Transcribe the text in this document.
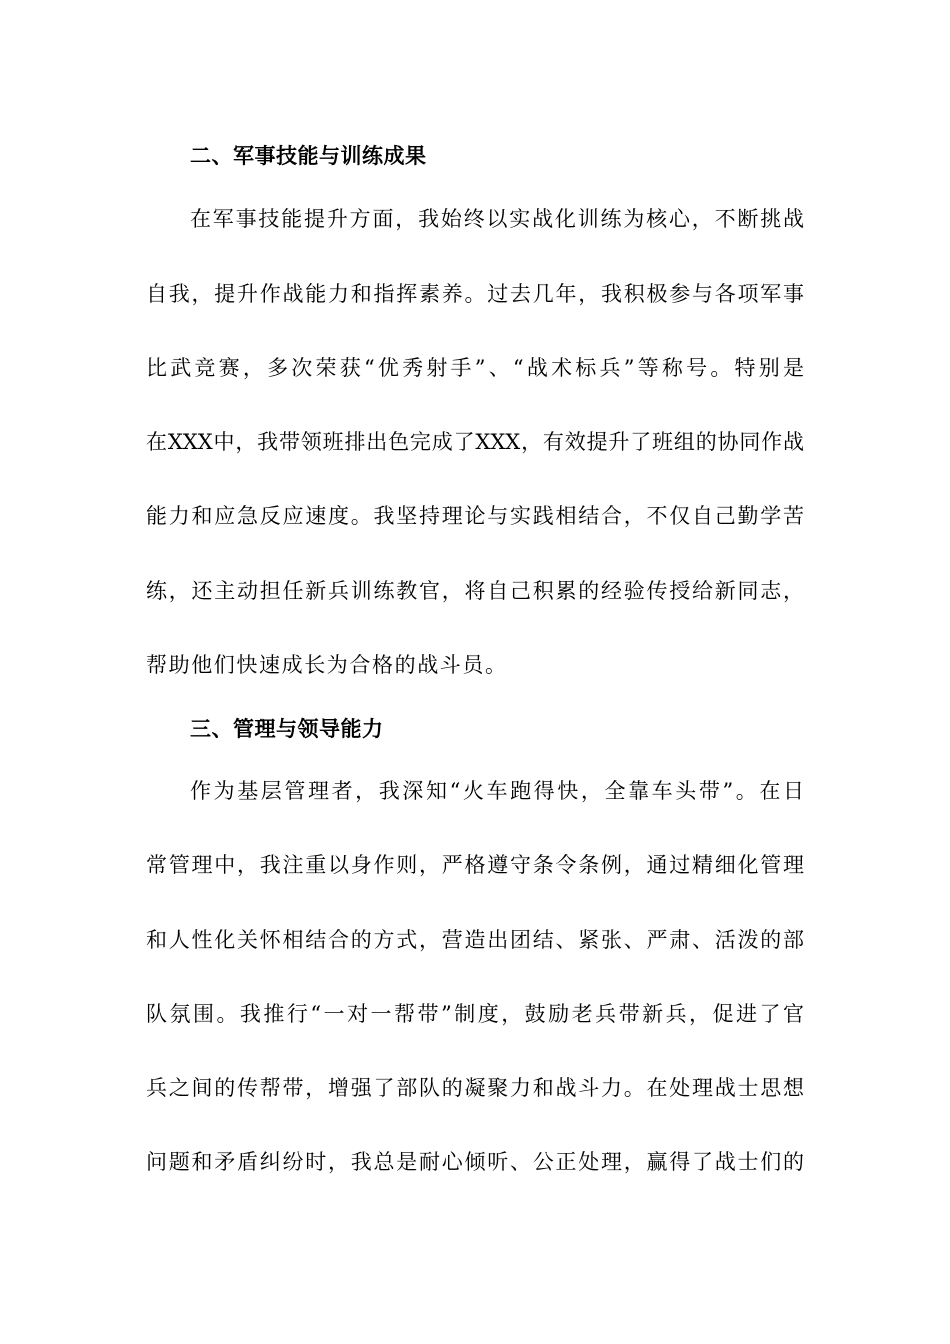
二、军事技能与训练成果
在军事技能提升方面，我始终以实战化训练为核心，不断挑战
自我，提升作战能力和指挥素养。过去几年，我积极参与各项军事
比武竞赛，多次荣获“优秀射手”、“战术标兵”等称号。特别是
在XXX中，我带领班排出色完成了XXX，有效提升了班组的协同作战
能力和应急反应速度。我坚持理论与实践相结合，不仅自己勤学苦
练，还主动担任新兵训练教官，将自己积累的经验传授给新同志，
帮助他们快速成长为合格的战斗员。
三、管理与领导能力
作为基层管理者，我深知“火车跑得快，全靠车头带”。在日
常管理中，我注重以身作则，严格遵守条令条例，通过精细化管理
和人性化关怀相结合的方式，营造出团结、紧张、严肃、活泼的部
队氛围。我推行“一对一帮带”制度，鼓励老兵带新兵，促进了官
兵之间的传帮带，增强了部队的凝聚力和战斗力。在处理战士思想
问题和矛盾纠纷时，我总是耐心倾听、公正处理，赢得了战士们的
